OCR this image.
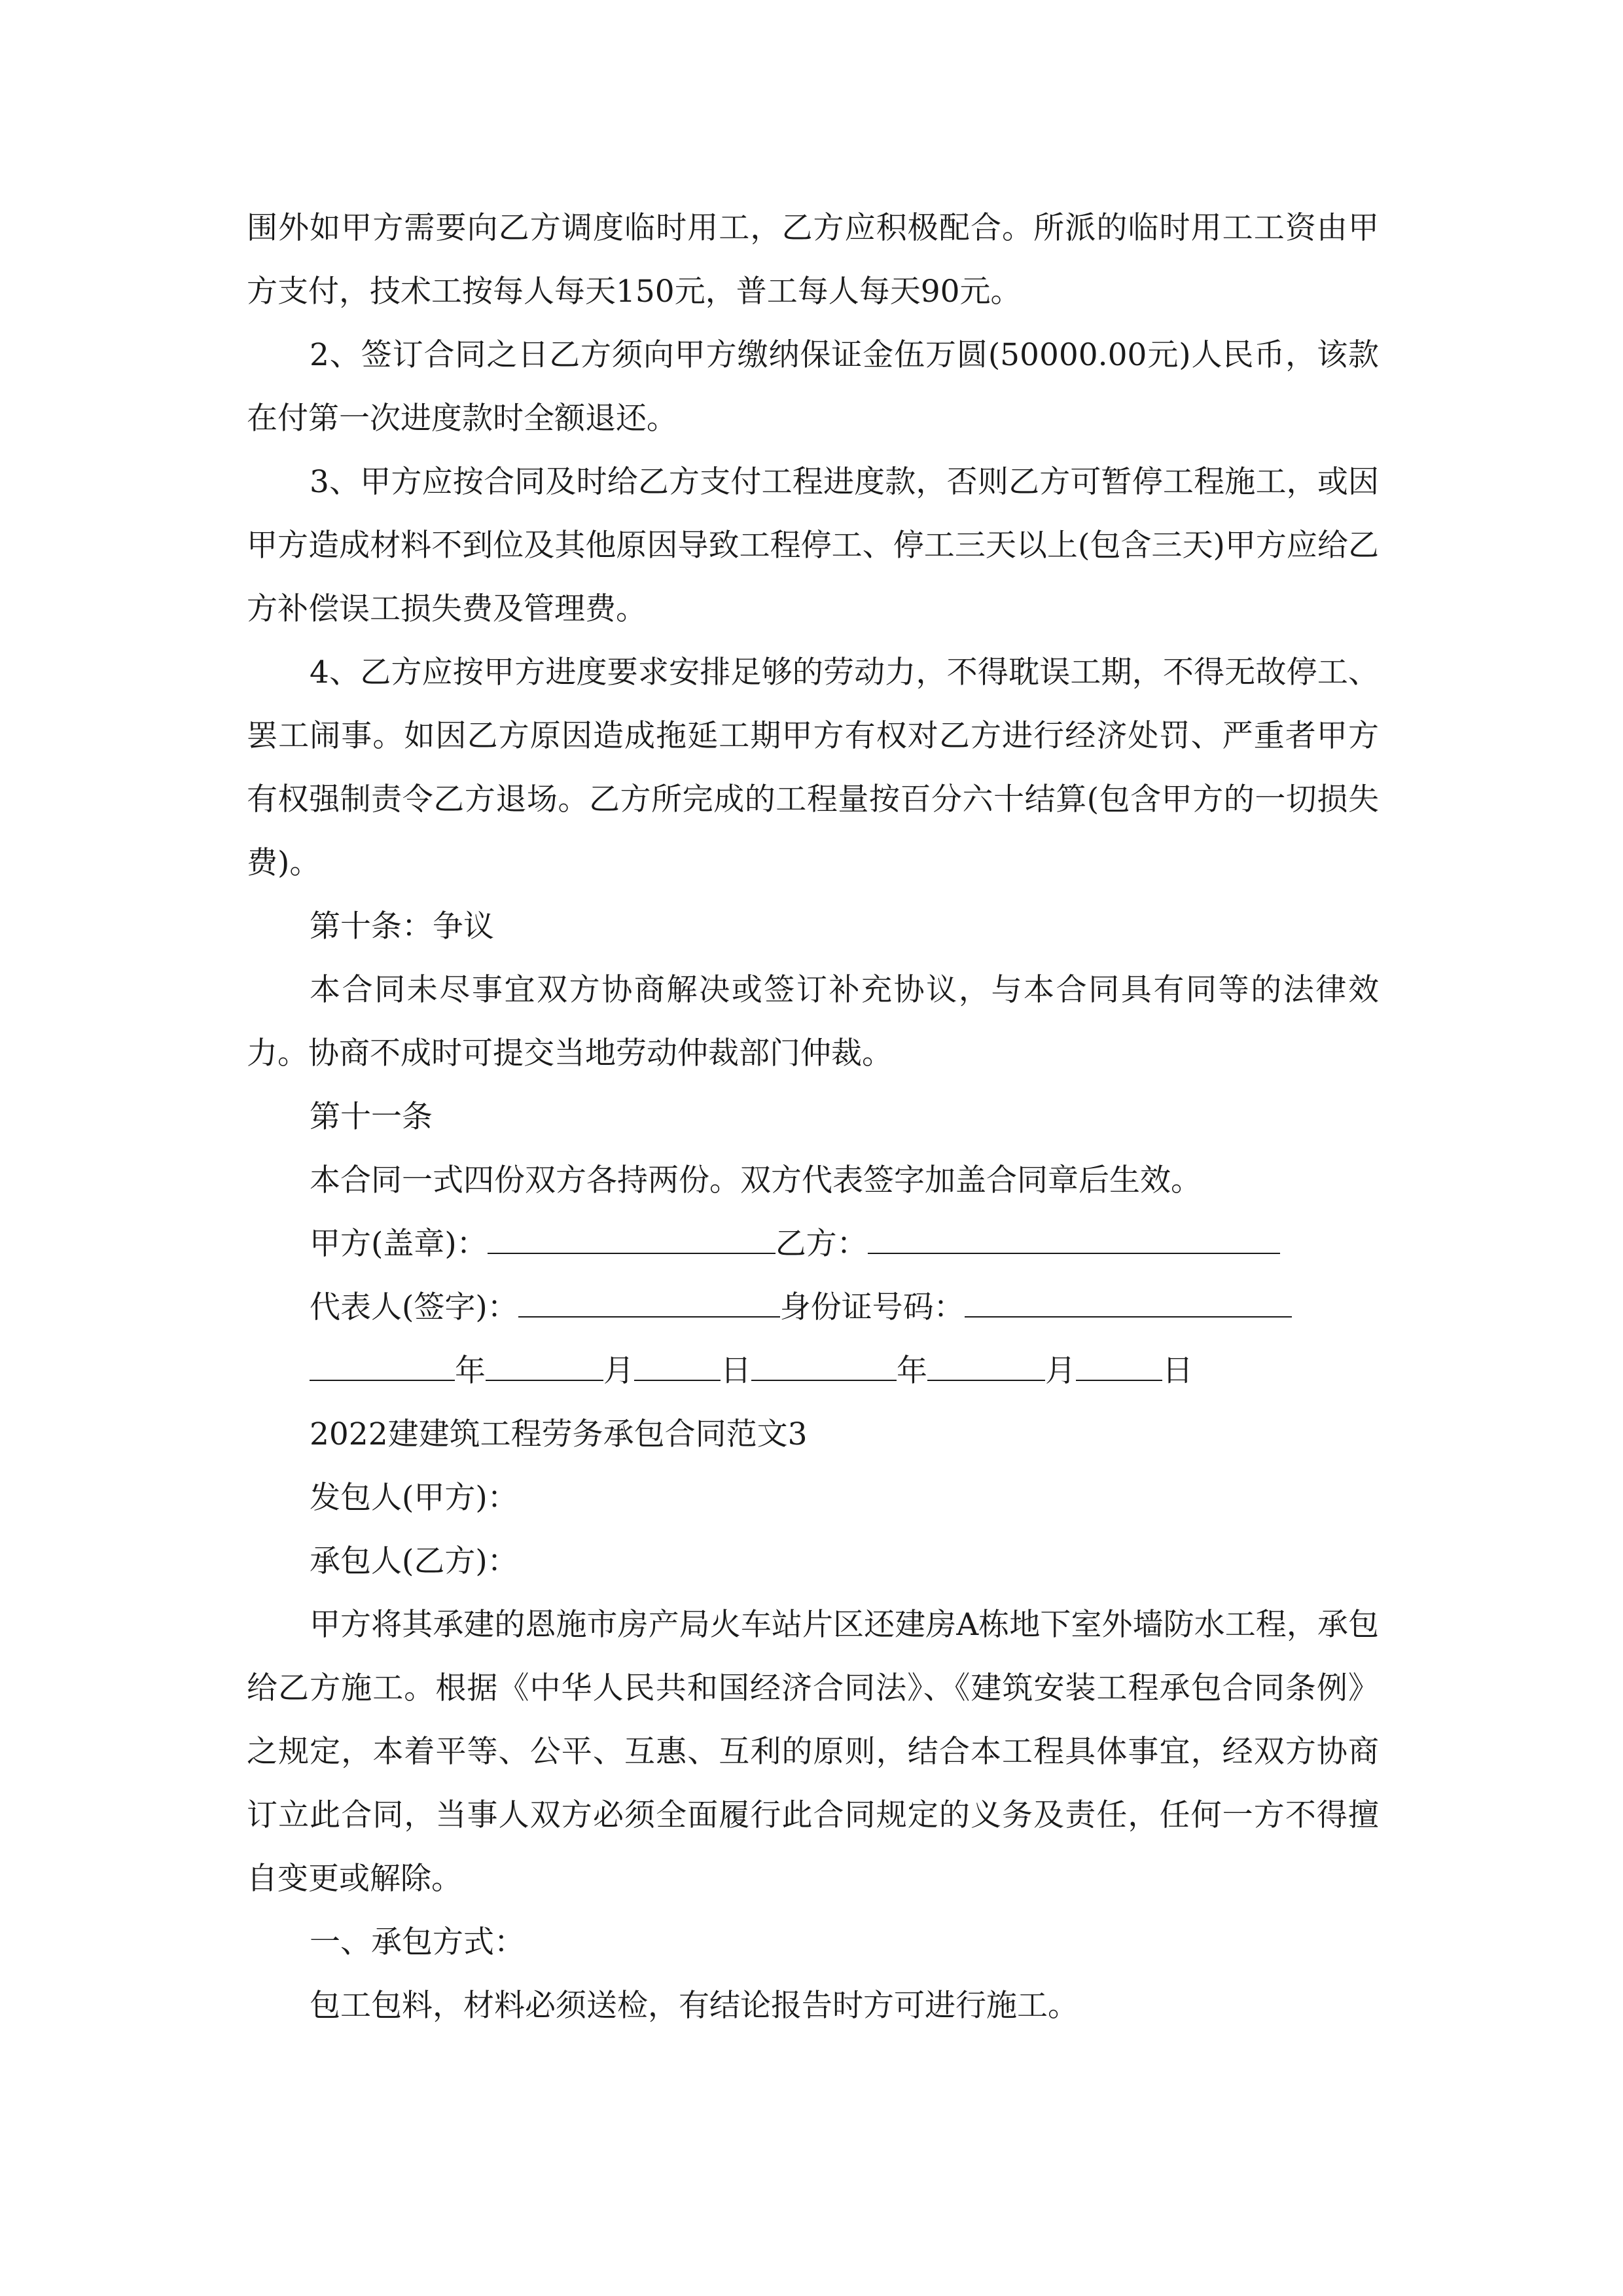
围外如甲方需要向乙方调度临时用工，乙方应积极配合。所派的临时用工工资由甲方支付，技术工按每人每天150元，普工每人每天90元。

2、签订合同之日乙方须向甲方缴纳保证金伍万圆(50000.00元)人民币，该款在付第一次进度款时全额退还。

3、甲方应按合同及时给乙方支付工程进度款，否则乙方可暂停工程施工，或因甲方造成材料不到位及其他原因导致工程停工、停工三天以上(包含三天)甲方应给乙方补偿误工损失费及管理费。

4、乙方应按甲方进度要求安排足够的劳动力，不得耽误工期，不得无故停工、罢工闹事。如因乙方原因造成拖延工期甲方有权对乙方进行经济处罚、严重者甲方有权强制责令乙方退场。乙方所完成的工程量按百分六十结算(包含甲方的一切损失费)。

第十条：争议

本合同未尽事宜双方协商解决或签订补充协议，与本合同具有同等的法律效力。协商不成时可提交当地劳动仲裁部门仲裁。

第十一条

本合同一式四份双方各持两份。双方代表签字加盖合同章后生效。

甲方(盖章)：	乙方：
代表人(签字)：	身份证号码：
年	月	日	年	月	日

2022建建筑工程劳务承包合同范文3

发包人(甲方)：

承包人(乙方)：

甲方将其承建的恩施市房产局火车站片区还建房A栋地下室外墙防水工程，承包给乙方施工。根据《中华人民共和国经济合同法》、《建筑安装工程承包合同条例》之规定，本着平等、公平、互惠、互利的原则，结合本工程具体事宜，经双方协商订立此合同，当事人双方必须全面履行此合同规定的义务及责任，任何一方不得擅自变更或解除。

一、承包方式：

包工包料，材料必须送检，有结论报告时方可进行施工。
